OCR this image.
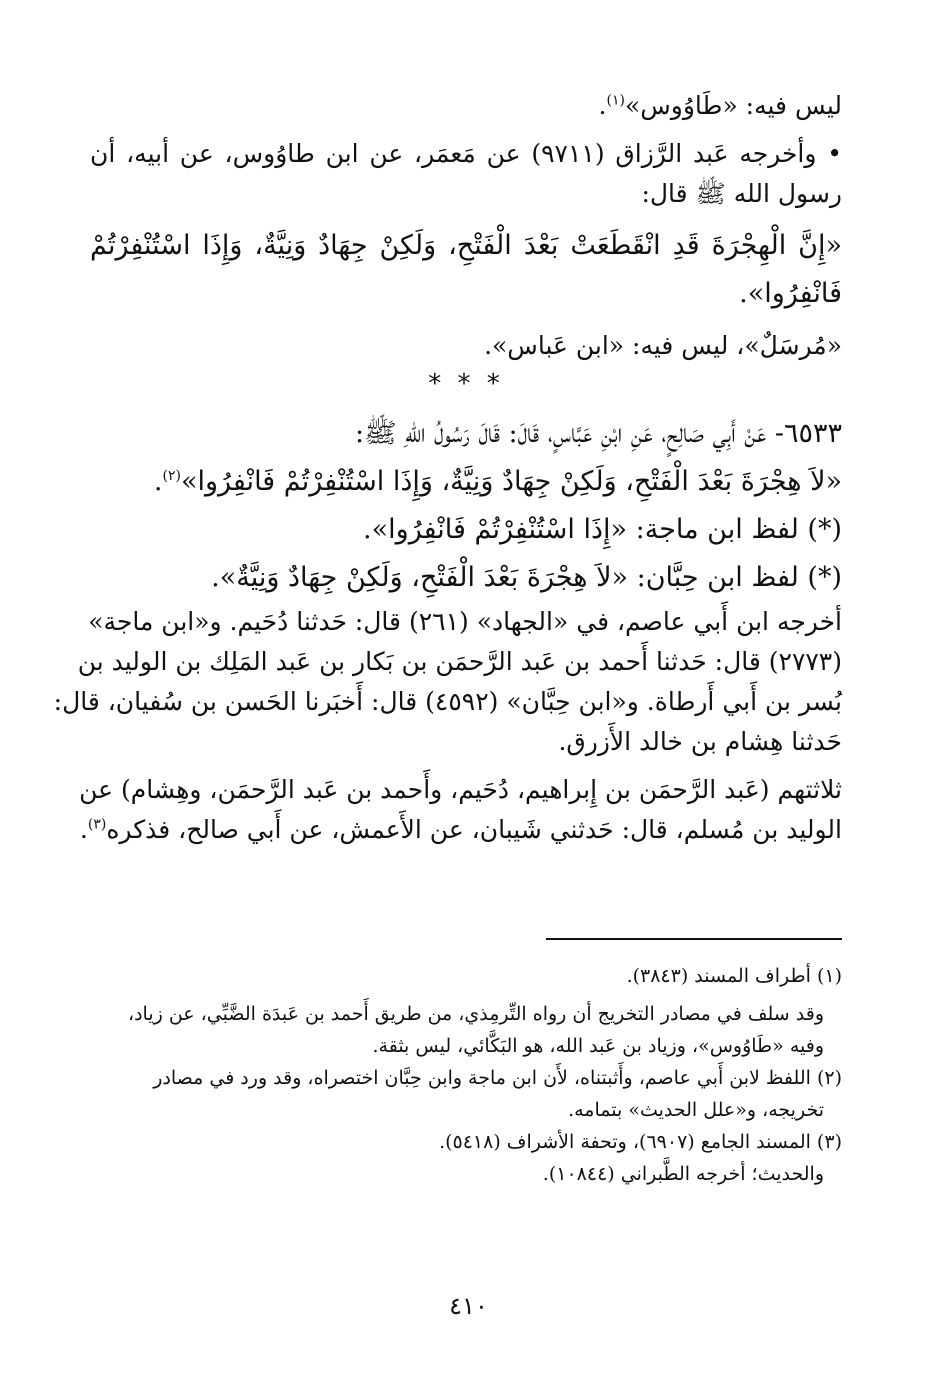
ليس فيه: «طَاوُوس»$^{(١)}$.

• وأخرجه عَبد الرَّزاق (٩٧١١) عن مَعمَر، عن ابن طاوُوس، عن أبيه، أن

رسول الله ﷺ قال:

«إِنَّ الْهِجْرَةَ قَدِ انْقَطَعَتْ بَعْدَ الْفَتْحِ، وَلَكِنْ جِهَادٌ وَنِيَّةٌ، وَإِذَا اسْتُنْفِرْتُمْ

فَانْفِرُوا».

«مُرسَلٌ»، ليس فيه: «ابن عَباس».

* * *

٦٥٣٣- عَنْ أَبِي صَالِحٍ، عَنِ ابْنِ عَبَّاسٍ، قَالَ: قَالَ رَسُولُ اللهِ ﷺ:

«لاَ هِجْرَةَ بَعْدَ الْفَتْحِ، وَلَكِنْ جِهَادٌ وَنِيَّةٌ، وَإِذَا اسْتُنْفِرْتُمْ فَانْفِرُوا»$^{(٢)}$.

(*) لفظ ابن ماجة: «إِذَا اسْتُنْفِرْتُمْ فَانْفِرُوا».

(*) لفظ ابن حِبَّان: «لاَ هِجْرَةَ بَعْدَ الْفَتْحِ، وَلَكِنْ جِهَادٌ وَنِيَّةٌ».

أخرجه ابن أَبي عاصم، في «الجهاد» (٢٦١) قال: حَدثنا دُحَيم. و«ابن ماجة»

(٢٧٧٣) قال: حَدثنا أَحمد بن عَبد الرَّحمَن بن بَكار بن عَبد المَلِك بن الوليد بن

بُسر بن أَبي أَرطاة. و«ابن حِبَّان» (٤٥٩٢) قال: أَخبَرنا الحَسن بن سُفيان، قال:

حَدثنا هِشام بن خالد الأَزرق.

ثلاثتهم (عَبد الرَّحمَن بن إِبراهيم، دُحَيم، وأَحمد بن عَبد الرَّحمَن، وهِشام) عن

الوليد بن مُسلم، قال: حَدثني شَيبان، عن الأَعمش، عن أَبي صالح، فذكره$^{(٣)}$.

(١) أطراف المسند (٣٨٤٣).

وقد سلف في مصادر التخريج أن رواه التِّرمِذي، من طريق أَحمد بن عَبدَة الضَّبِّي، عن زياد،

وفيه «طَاوُوس»، وزياد بن عَبد الله، هو البَكَّائي، ليس بثقة.

(٢) اللفظ لابن أَبي عاصم، وأَثبتناه، لأَن ابن ماجة وابن حِبَّان اختصراه، وقد ورد في مصادر

تخريجه، و«علل الحديث» بتمامه.

(٣) المسند الجامع (٦٩٠٧)، وتحفة الأشراف (٥٤١٨).

والحديث؛ أخرجه الطَّبراني (١٠٨٤٤).

٤١٠
